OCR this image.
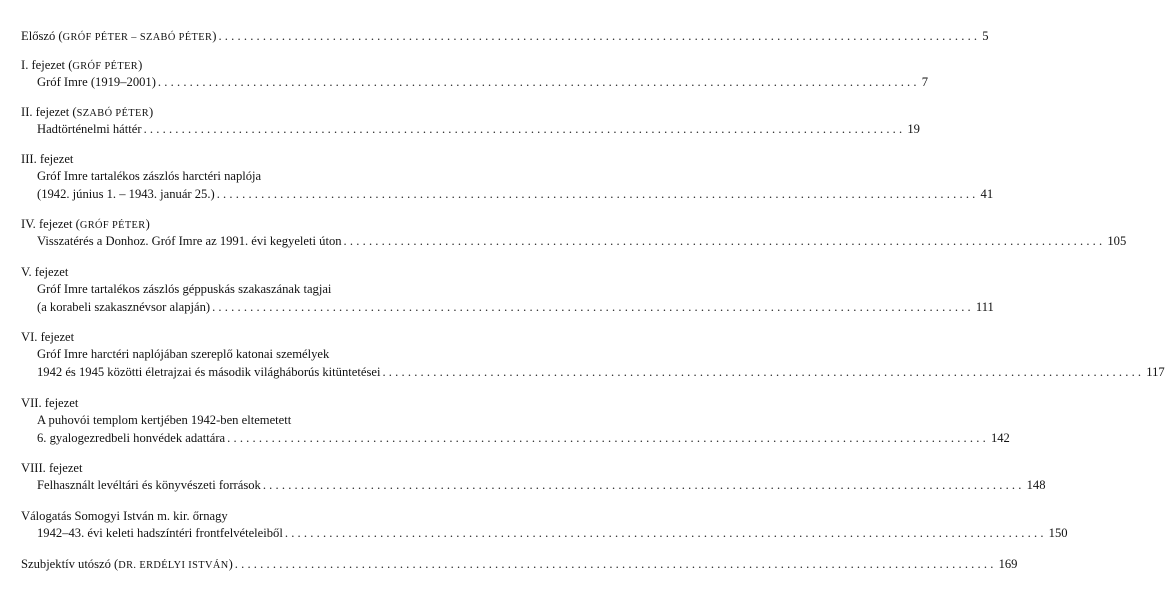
Előszó (GRÓF PÉTER – SZABÓ PÉTER) ........................................................................................................................ 5
I. fejezet (GRÓF PÉTER)
Gróf Imre (1919–2001) ........................................................................................................................ 7
II. fejezet (SZABÓ PÉTER)
Hadtörténelmi háttér ........................................................................................................................ 19
III. fejezet
Gróf Imre tartalékos zászlós harctéri naplója
(1942. június 1. – 1943. január 25.) ........................................................................................................................ 41
IV. fejezet (GRÓF PÉTER)
Visszatérés a Donhoz. Gróf Imre az 1991. évi kegyeleti úton ........................................................................................................................ 105
V. fejezet
Gróf Imre tartalékos zászlós géppuskás szakaszának tagjai
(a korabeli szakasznévsor alapján) ........................................................................................................................ 111
VI. fejezet
Gróf Imre harctéri naplójában szereplő katonai személyek
1942 és 1945 közötti életrajzai és második világháborús kitüntetései ........................................................................................................................ 117
VII. fejezet
A puhovói templom kertjében 1942-ben eltemetett
6. gyalogezredbeli honvédek adattára ........................................................................................................................ 142
VIII. fejezet
Felhasznált levéltári és könyvészeti források ........................................................................................................................ 148
Válogatás Somogyi István m. kir. őrnagy
1942–43. évi keleti hadszíntéri frontfelvételeiből ........................................................................................................................ 150
Szubjektív utószó (DR. ERDÉLYI ISTVÁN) ........................................................................................................................ 169
